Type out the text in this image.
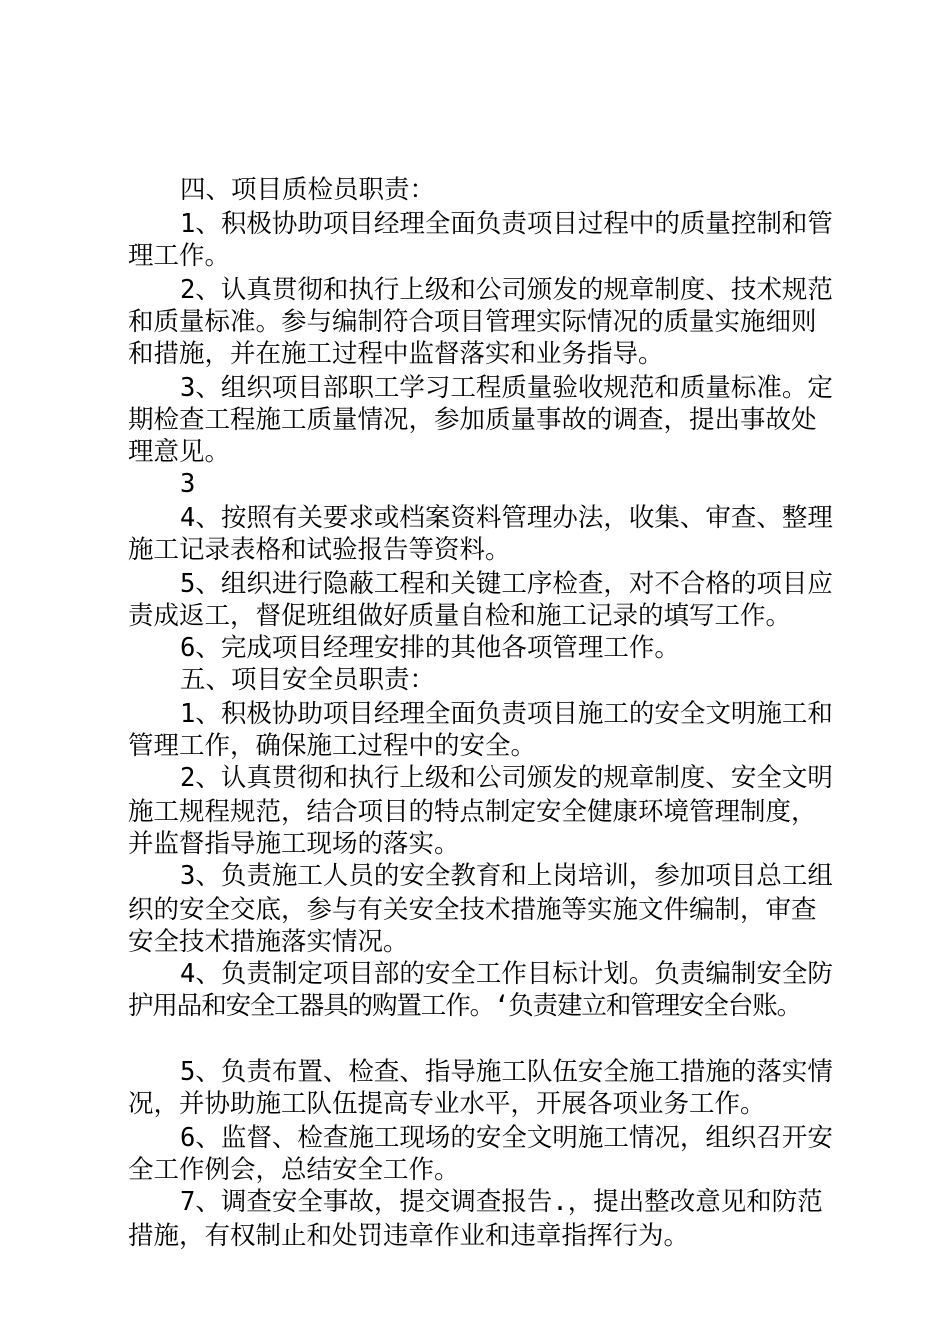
四、项目质检员职责：
1、积极协助项目经理全面负责项目过程中的质量控制和管
理工作。
2、认真贯彻和执行上级和公司颁发的规章制度、技术规范
和质量标准。参与编制符合项目管理实际情况的质量实施细则
和措施，并在施工过程中监督落实和业务指导。
3、组织项目部职工学习工程质量验收规范和质量标准。定
期检查工程施工质量情况，参加质量事故的调查，提出事故处
理意见。
3
4、按照有关要求或档案资料管理办法，收集、审查、整理
施工记录表格和试验报告等资料。
5、组织进行隐蔽工程和关键工序检查，对不合格的项目应
责成返工，督促班组做好质量自检和施工记录的填写工作。
6、完成项目经理安排的其他各项管理工作。
五、项目安全员职责：
1、积极协助项目经理全面负责项目施工的安全文明施工和
管理工作，确保施工过程中的安全。
2、认真贯彻和执行上级和公司颁发的规章制度、安全文明
施工规程规范，结合项目的特点制定安全健康环境管理制度，
并监督指导施工现场的落实。
3、负责施工人员的安全教育和上岗培训，参加项目总工组
织的安全交底，参与有关安全技术措施等实施文件编制，审查
安全技术措施落实情况。
4、负责制定项目部的安全工作目标计划。负责编制安全防
护用品和安全工器具的购置工作。‘负责建立和管理安全台账。
5、负责布置、检查、指导施工队伍安全施工措施的落实情
况，并协助施工队伍提高专业水平，开展各项业务工作。
6、监督、检查施工现场的安全文明施工情况，组织召开安
全工作例会，总结安全工作。
7、调查安全事故，提交调查报告.，提出整改意见和防范
措施，有权制止和处罚违章作业和违章指挥行为。
